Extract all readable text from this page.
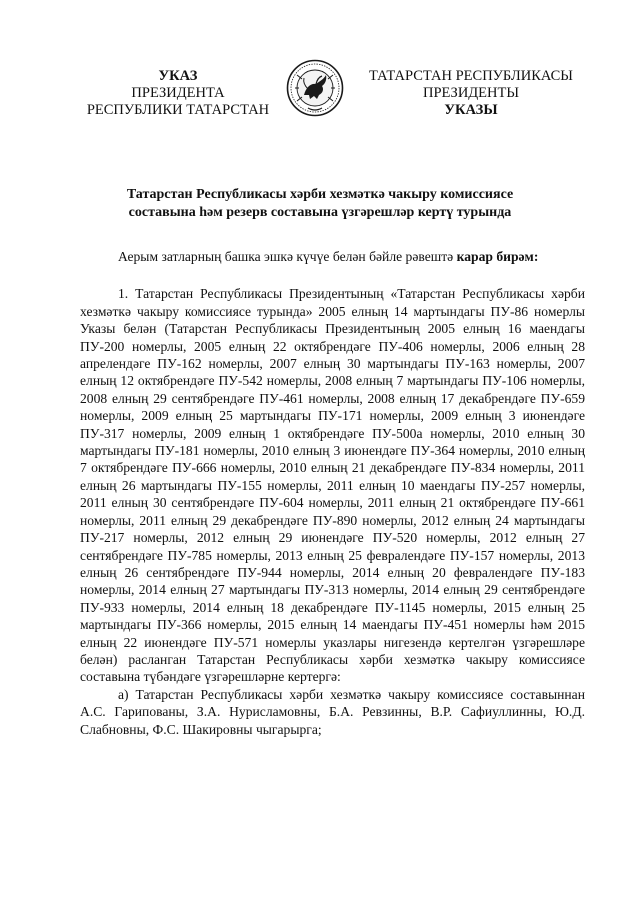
УКАЗ
ПРЕЗИДЕНТА
РЕСПУБЛИКИ ТАТАРСТАН
ТАТАРСТАН РЕСПУБЛИКАСЫ
ПРЕЗИДЕНТЫ
УКАЗЫ
Татарстан Республикасы хәрби хезмәткә чакыру комиссиясе
составына һәм резерв составына үзгәрешләр кертү турында

Аерым затларның башка эшкә күчүе белән бәйле рәвештә карар бирәм:

1. Татарстан Республикасы Президентының «Татарстан Республикасы хәрби хезмәткә чакыру комиссиясе турында» 2005 елның 14 мартындагы ПУ-86 номерлы Указы белән (Татарстан Республикасы Президентының 2005 елның 16 маендагы ПУ-200 номерлы, 2005 елның 22 октябрендәге ПУ-406 номерлы, 2006 елның 28 апрелендәге ПУ-162 номерлы, 2007 елның 30 мартындагы ПУ-163 номерлы, 2007 елның 12 октябрендәге ПУ-542 номерлы, 2008 елның 7 мартындагы ПУ-106 номерлы, 2008 елның 29 сентябрендәге ПУ-461 номерлы, 2008 елның 17 декабрендәге ПУ-659 номерлы, 2009 елның 25 мартындагы ПУ-171 номерлы, 2009 елның 3 июнендәге ПУ-317 номерлы, 2009 елның 1 октябрендәге ПУ-500а номерлы, 2010 елның 30 мартындагы ПУ-181 номерлы, 2010 елның 3 июнендәге ПУ-364 номерлы, 2010 елның 7 октябрендәге ПУ-666 номерлы, 2010 елның 21 декабрендәге ПУ-834 номерлы, 2011 елның 26 мартындагы ПУ-155 номерлы, 2011 елның 10 маендагы ПУ-257 номерлы, 2011 елның 30 сентябрендәге ПУ-604 номерлы, 2011 елның 21 октябрендәге ПУ-661 номерлы, 2011 елның 29 декабрендәге ПУ-890 номерлы, 2012 елның 24 мартындагы ПУ-217 номерлы, 2012 елның 29 июнендәге ПУ-520 номерлы, 2012 елның 27 сентябрендәге ПУ-785 номерлы, 2013 елның 25 февралендәге ПУ-157 номерлы, 2013 елның 26 сентябрендәге ПУ-944 номерлы, 2014 елның 20 февралендәге ПУ-183 номерлы, 2014 елның 27 мартындагы ПУ-313 номерлы, 2014 елның 29 сентябрендәге ПУ-933 номерлы, 2014 елның 18 декабрендәге ПУ-1145 номерлы, 2015 елның 25 мартындагы ПУ-366 номерлы, 2015 елның 14 маендагы ПУ-451 номерлы һәм 2015 елның 22 июнендәге ПУ-571 номерлы указлары нигезендә кертелгән үзгәрешләре белән) расланган Татарстан Республикасы хәрби хезмәткә чакыру комиссиясе составына түбәндәге үзгәрешләрне кертергә:

а) Татарстан Республикасы хәрби хезмәткә чакыру комиссиясе составыннан А.С. Гарипованы, З.А. Нурисламовны, Б.А. Ревзинны, В.Р. Сафиуллинны, Ю.Д. Слабновны, Ф.С. Шакировны чыгарырга;
